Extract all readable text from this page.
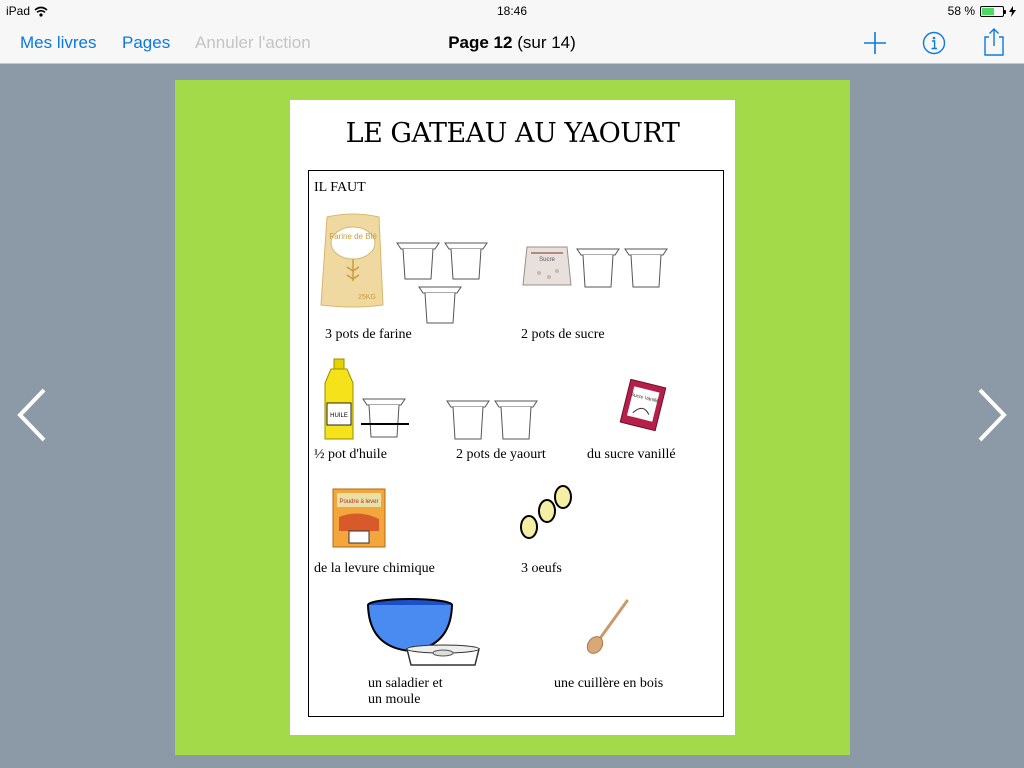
iPad	18:46	58 %
Mes livres Pages Annuler l'action	Page 12 (sur 14)
LE GATEAU AU YAOURT
IL FAUT
Farine de Blé
25KG
3 pots de farine
Sucre
2 pots de sucre
HUILE
½ pot d'huile	2 pots de yaourt
Sucre Vanillé
du sucre vanillé
Poudre à lever
de la levure chimique	3 oeufs
un saladier et
un moule
une cuillère en bois
